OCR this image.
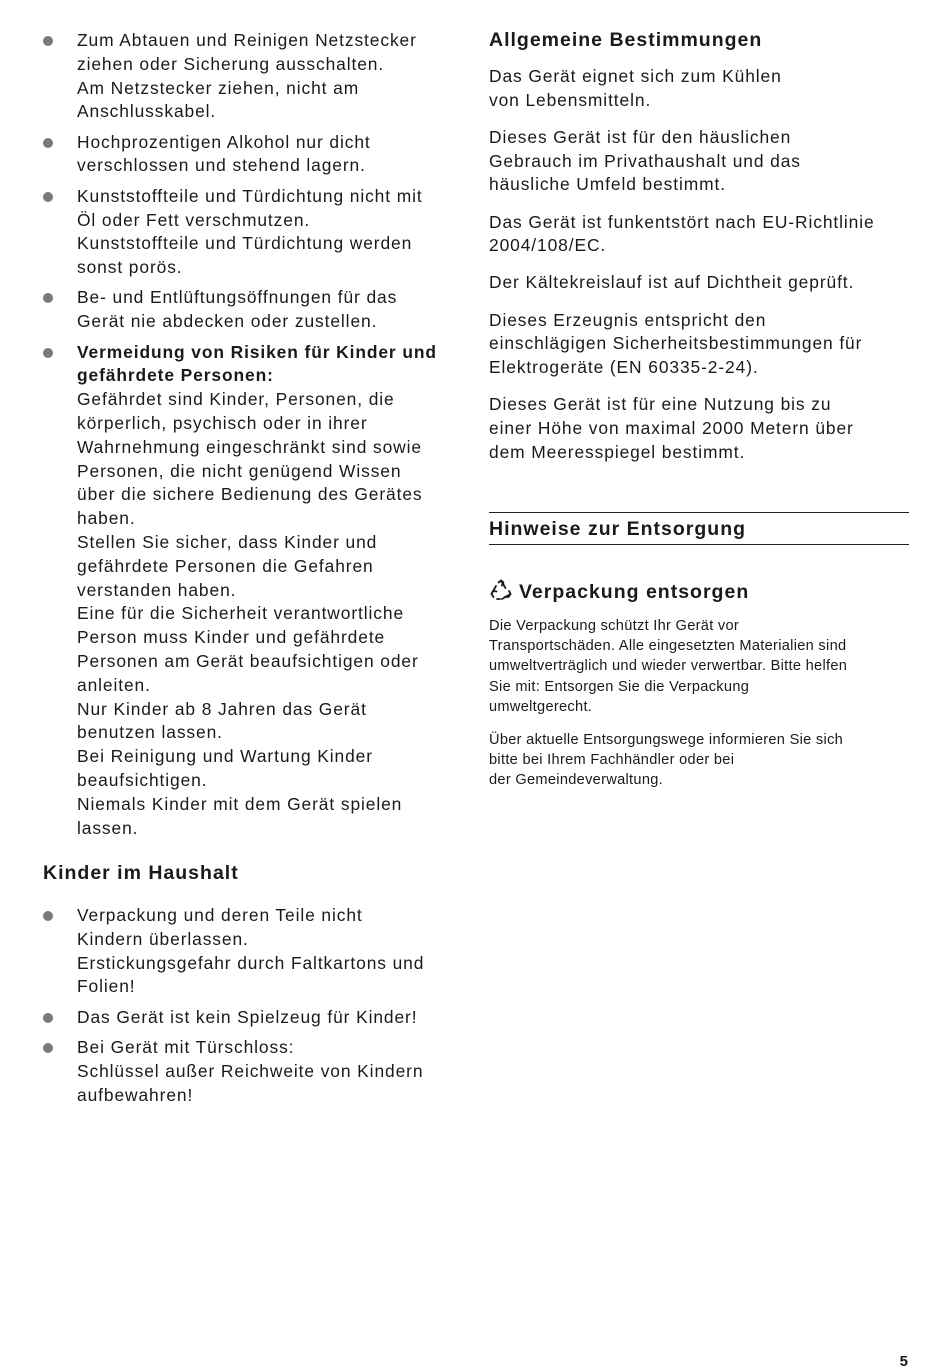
Zum Abtauen und Reinigen Netzstecker
ziehen oder Sicherung ausschalten.
Am Netzstecker ziehen, nicht am
Anschlusskabel.
Hochprozentigen Alkohol nur dicht
verschlossen und stehend lagern.
Kunststoffteile und Türdichtung nicht mit
Öl oder Fett verschmutzen.
Kunststoffteile und Türdichtung werden
sonst porös.
Be- und Entlüftungsöffnungen für das
Gerät nie abdecken oder zustellen.
Vermeidung von Risiken für Kinder und
gefährdete Personen:
Gefährdet sind Kinder, Personen, die
körperlich, psychisch oder in ihrer
Wahrnehmung eingeschränkt sind sowie
Personen, die nicht genügend Wissen
über die sichere Bedienung des Gerätes
haben.
Stellen Sie sicher, dass Kinder und
gefährdete Personen die Gefahren
verstanden haben.
Eine für die Sicherheit verantwortliche
Person muss Kinder und gefährdete
Personen am Gerät beaufsichtigen oder
anleiten.
Nur Kinder ab 8 Jahren das Gerät
benutzen lassen.
Bei Reinigung und Wartung Kinder
beaufsichtigen.
Niemals Kinder mit dem Gerät spielen
lassen.
Kinder im Haushalt
Verpackung und deren Teile nicht
Kindern überlassen.
Erstickungsgefahr durch Faltkartons und
Folien!
Das Gerät ist kein Spielzeug für Kinder!
Bei Gerät mit Türschloss:
Schlüssel außer Reichweite von Kindern
aufbewahren!
Allgemeine Bestimmungen

Das Gerät eignet sich zum Kühlen
von Lebensmitteln.

Dieses Gerät ist für den häuslichen
Gebrauch im Privathaushalt und das
häusliche Umfeld bestimmt.

Das Gerät ist funkentstört nach EU-Richtlinie
2004/108/EC.

Der Kältekreislauf ist auf Dichtheit geprüft.

Dieses Erzeugnis entspricht den
einschlägigen Sicherheitsbestimmungen für
Elektrogeräte (EN 60335-2-24).

Dieses Gerät ist für eine Nutzung bis zu
einer Höhe von maximal 2000 Metern über
dem Meeresspiegel bestimmt.

Hinweise zur Entsorgung
Verpackung entsorgen

Die Verpackung schützt Ihr Gerät vor
Transportschäden. Alle eingesetzten Materialien sind
umweltverträglich und wieder verwertbar. Bitte helfen
Sie mit: Entsorgen Sie die Verpackung
umweltgerecht.

Über aktuelle Entsorgungswege informieren Sie sich
bitte bei Ihrem Fachhändler oder bei
der Gemeindeverwaltung.

5
